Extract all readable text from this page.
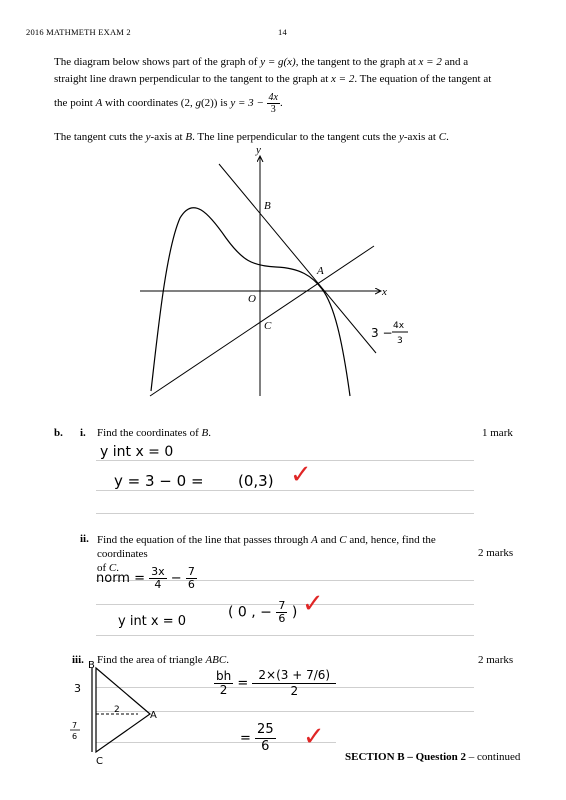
2016 MATHMETH EXAM 2	14
The diagram below shows part of the graph of y = g(x), the tangent to the graph at x = 2 and a
straight line drawn perpendicular to the tangent to the graph at x = 2. The equation of the tangent at
the point A with coordinates (2, g(2)) is $y = 3 - \frac{4x}{3}$ .
The tangent cuts the y-axis at B. The line perpendicular to the tangent cuts the y-axis at C.
y
x
B
A
O
C	3 − 4x
3
b. i. Find the coordinates of B.	1 mark
y int x = 0
y = 3 − 0 = (0,3) ✓
ii. Find the equation of the line that passes through A and C and, hence, find the coordinates
of C.
2 marks
norm = $\frac{3x}{4} - \frac{7}{6}$
y int x = 0
( 0 , − $\frac{7}{6}$ ) ✓
iii. Find the area of triangle ABC.	2 marks
B
A
C
3
2
7
6
$\frac{bh}{2} = \frac{2\times(3 + 7/6)}{2}$
= $\frac{25}{6}$ ✓
SECTION B – Question 2 – continued
